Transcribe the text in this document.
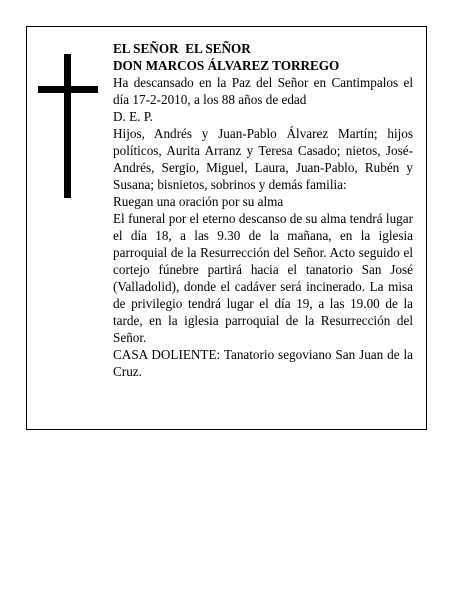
EL SEÑOR  EL SEÑOR

DON MARCOS ÁLVAREZ TORREGO

Ha descansado en la Paz del Señor en Cantimpalos el día 17-2-2010, a los 88 años de edad

D. E. P.

Hijos, Andrés y Juan-Pablo Álvarez Martín; hijos políticos, Aurita Arranz y Teresa Casado; nietos, José-Andrés, Sergio, Miguel, Laura, Juan-Pablo, Rubén y Susana; bisnietos, sobrinos y demás familia:

Ruegan una oración por su alma

El funeral por el eterno descanso de su alma tendrá lugar el día 18, a las 9.30 de la mañana, en la iglesia parroquial de la Resurrección del Señor. Acto seguido el cortejo fúnebre partirá hacia el tanatorio San José (Valladolid), donde el cadáver será incinerado. La misa de privilegio tendrá lugar el día 19, a las 19.00 de la tarde, en la iglesia parroquial de la Resurrección del Señor.

CASA DOLIENTE: Tanatorio segoviano San Juan de la Cruz.
